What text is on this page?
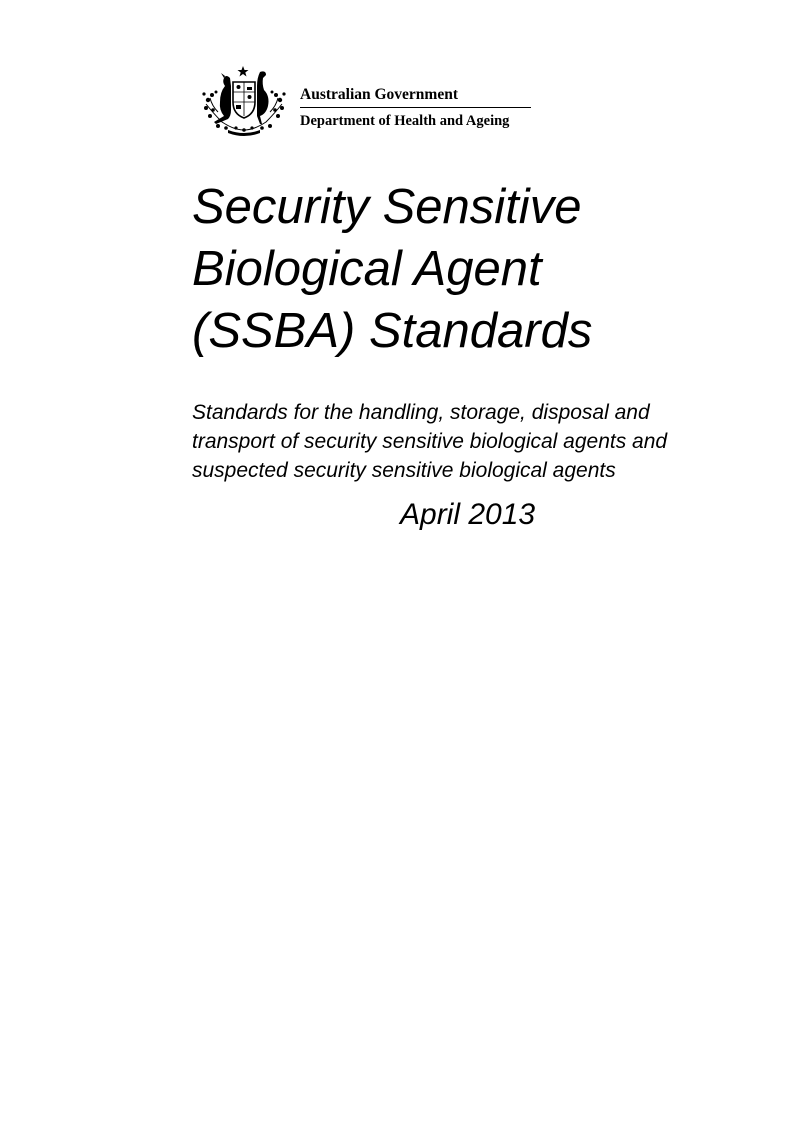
Australian Government
Department of Health and Ageing
Security Sensitive
Biological Agent
(SSBA) Standards

Standards for the handling, storage, disposal and
transport of security sensitive biological agents and
suspected security sensitive biological agents

April 2013
